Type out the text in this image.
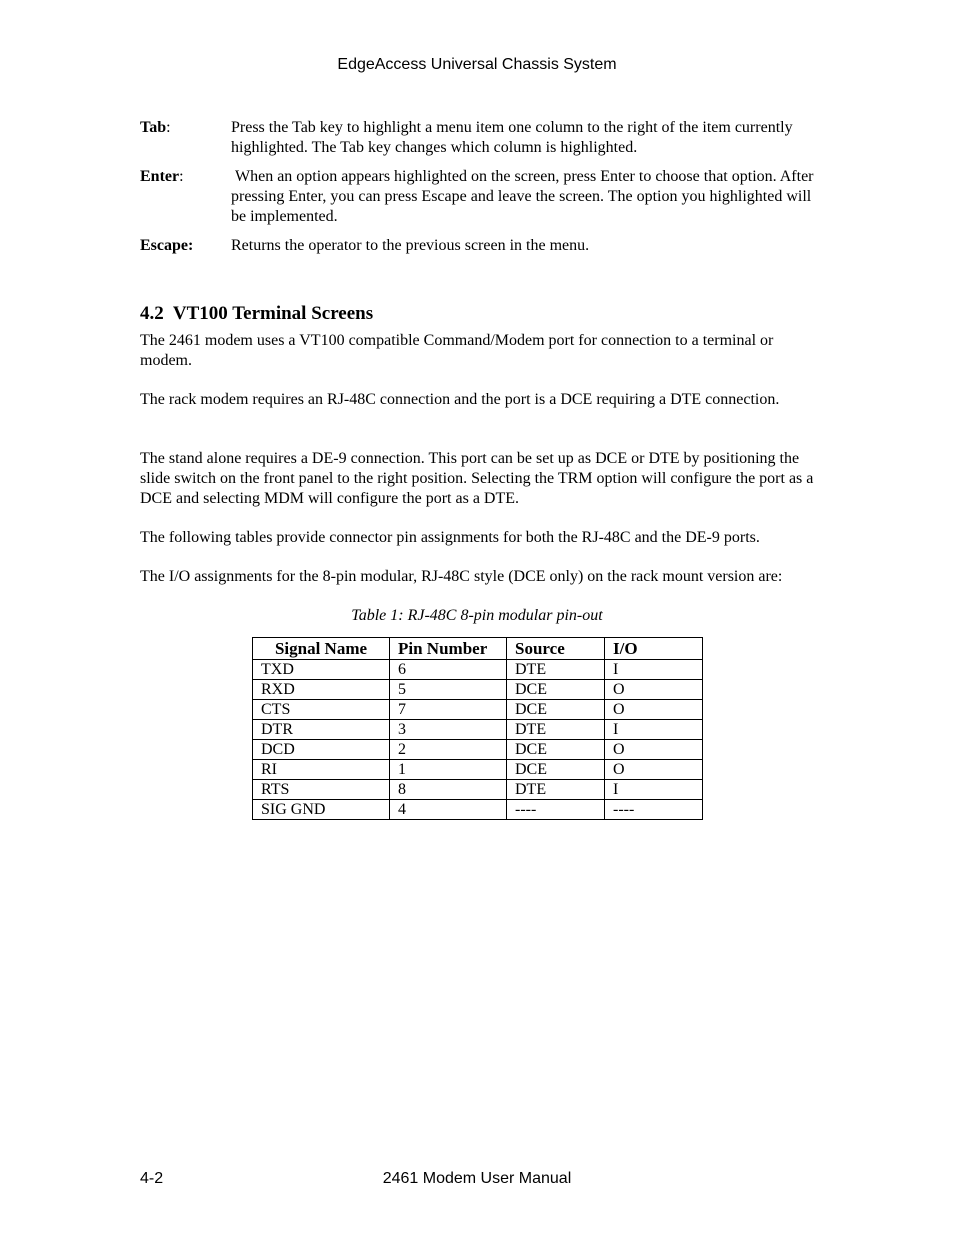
EdgeAccess Universal Chassis System
Tab:	Press the Tab key to highlight a menu item one column to the right of the item currently highlighted. The Tab key changes which column is highlighted.
Enter:	When an option appears highlighted on the screen, press Enter to choose that option. After pressing Enter, you can press Escape and leave the screen. The option you highlighted will be implemented.
Escape:	Returns the operator to the previous screen in the menu.
4.2  VT100 Terminal Screens
The 2461 modem uses a VT100 compatible Command/Modem port for connection to a terminal or modem.
The rack modem requires an RJ-48C connection and the port is a DCE requiring a DTE connection.
The stand alone requires a DE-9 connection. This port can be set up as DCE or DTE by positioning the slide switch on the front panel to the right position. Selecting the TRM option will configure the port as a DCE and selecting MDM will configure the port as a DTE.
The following tables provide connector pin assignments for both the RJ-48C and the DE-9 ports.
The I/O assignments for the 8-pin modular, RJ-48C style (DCE only) on the rack mount version are:
Table 1: RJ-48C 8-pin modular pin-out
Signal Name	Pin Number	Source	I/O
TXD	6	DTE	I
RXD	5	DCE	O
CTS	7	DCE	O
DTR	3	DTE	I
DCD	2	DCE	O
RI	1	DCE	O
RTS	8	DTE	I
SIG GND	4	----	----
4-2	2461 Modem User Manual
